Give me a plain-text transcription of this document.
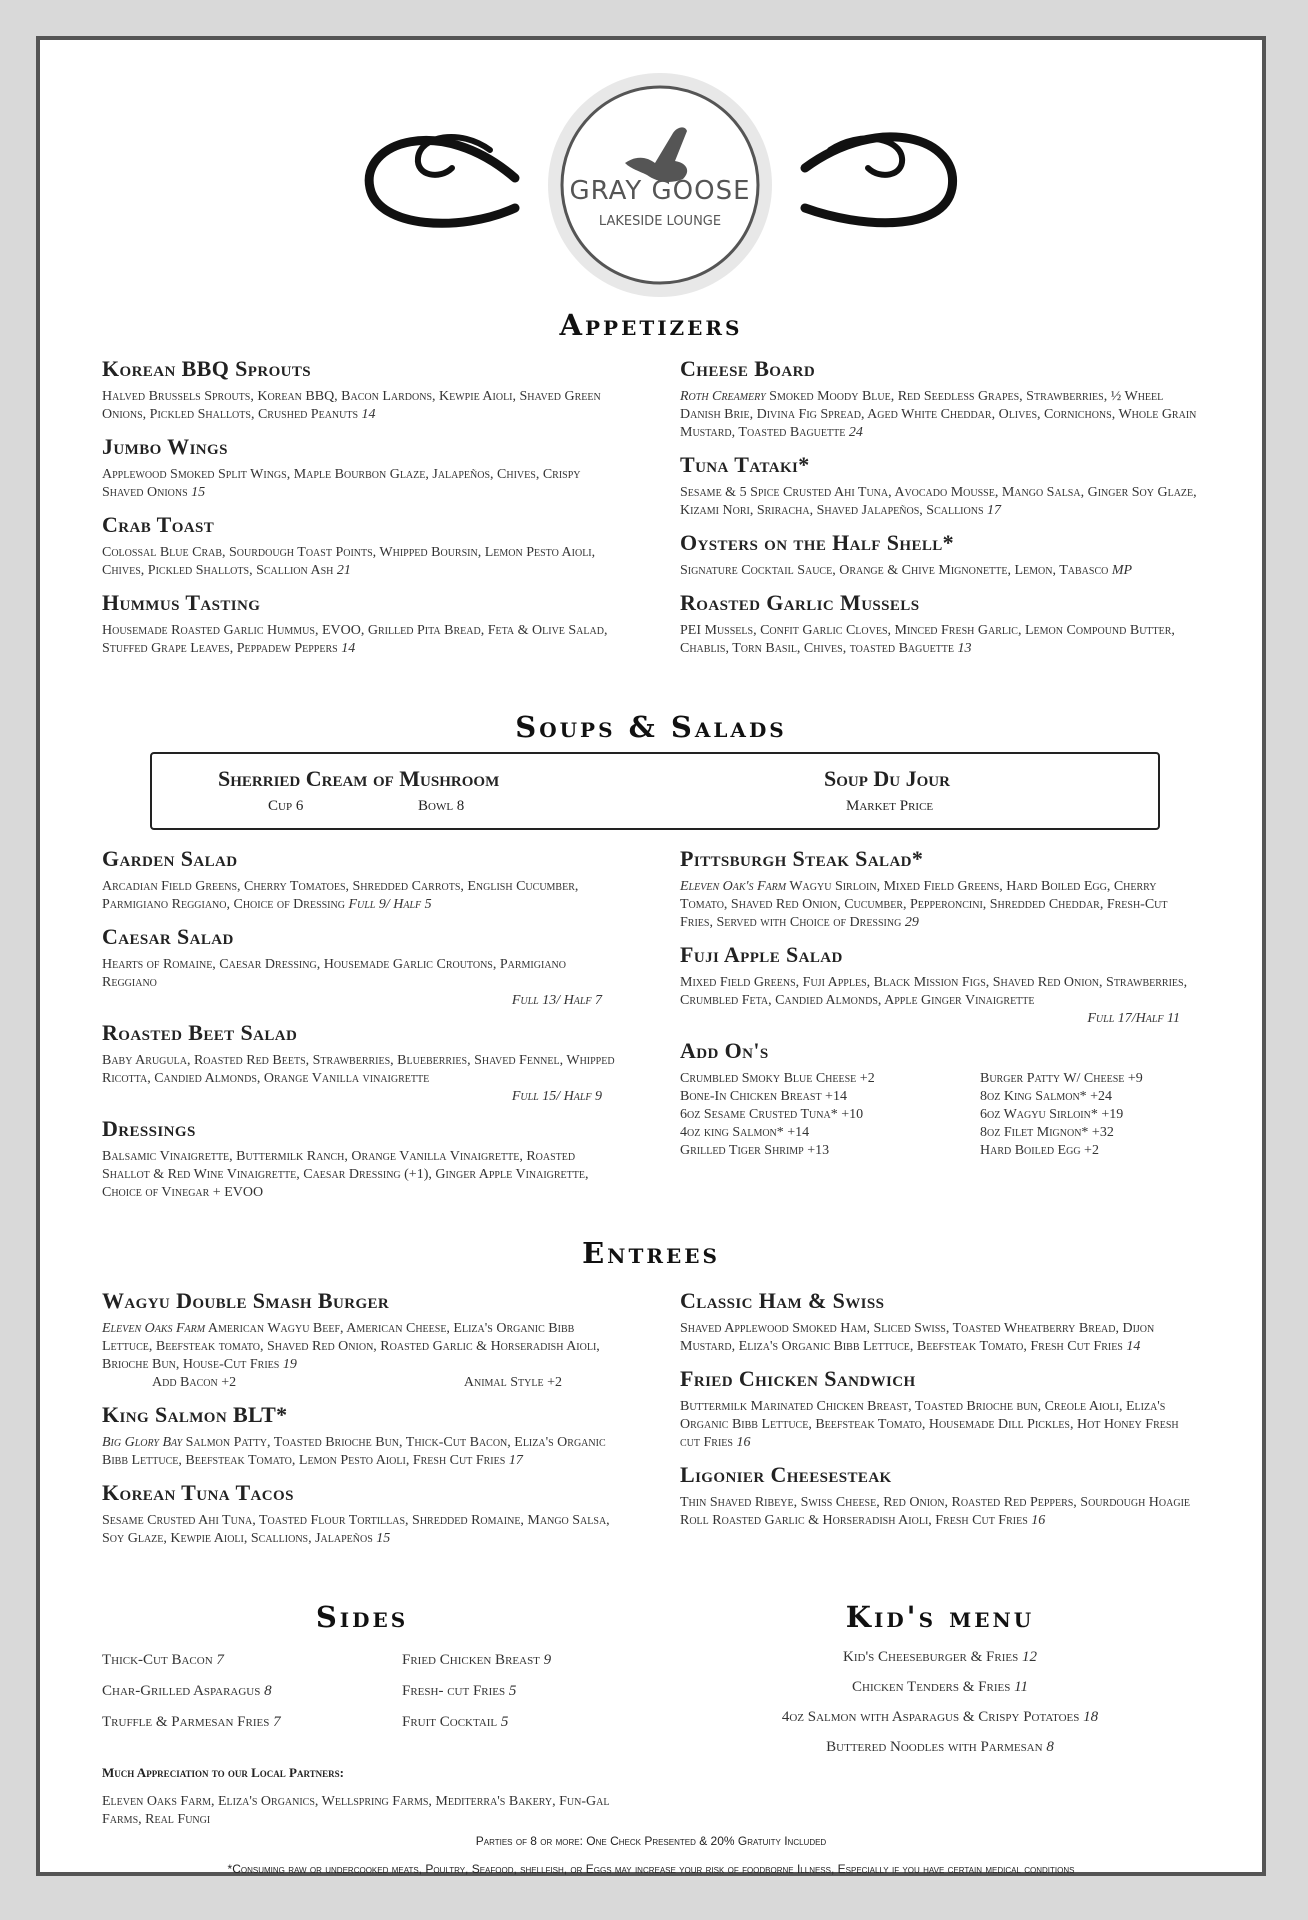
GRAY GOOSE
LAKESIDE LOUNGE
Appetizers
Korean BBQ Sprouts
Halved Brussels Sprouts, Korean BBQ, Bacon Lardons, Kewpie Aioli, Shaved Green Onions, Pickled Shallots, Crushed Peanuts 14
Jumbo Wings
Applewood Smoked Split Wings, Maple Bourbon Glaze, Jalapeños, Chives, Crispy Shaved Onions 15
Crab Toast
Colossal Blue Crab, Sourdough Toast Points, Whipped Boursin, Lemon Pesto Aioli, Chives, Pickled Shallots, Scallion Ash 21
Hummus Tasting
Housemade Roasted Garlic Hummus, EVOO, Grilled Pita Bread, Feta & Olive Salad, Stuffed Grape Leaves, Peppadew Peppers 14
Cheese Board
Roth Creamery Smoked Moody Blue, Red Seedless Grapes, Strawberries, ½ Wheel Danish Brie, Divina Fig Spread, Aged White Cheddar, Olives, Cornichons, Whole Grain Mustard, Toasted Baguette 24
Tuna Tataki*
Sesame & 5 Spice Crusted Ahi Tuna, Avocado Mousse, Mango Salsa, Ginger Soy Glaze, Kizami Nori, Sriracha, Shaved Jalapeños, Scallions 17
Oysters on the Half Shell*
Signature Cocktail Sauce, Orange & Chive Mignonette, Lemon, Tabasco MP
Roasted Garlic Mussels
PEI Mussels, Confit Garlic Cloves, Minced Fresh Garlic, Lemon Compound Butter, Chablis, Torn Basil, Chives, toasted Baguette 13
Soups & Salads
Sherried Cream of Mushroom
Cup 6	Bowl 8
Soup Du Jour
Market Price
Garden Salad
Arcadian Field Greens, Cherry Tomatoes, Shredded Carrots, English Cucumber, Parmigiano Reggiano, Choice of Dressing Full 9/ Half 5
Caesar Salad
Hearts of Romaine, Caesar Dressing, Housemade Garlic Croutons, Parmigiano Reggiano
Full 13/ Half 7
Roasted Beet Salad
Baby Arugula, Roasted Red Beets, Strawberries, Blueberries, Shaved Fennel, Whipped Ricotta, Candied Almonds, Orange Vanilla vinaigrette
Full 15/ Half 9
Dressings
Balsamic Vinaigrette, Buttermilk Ranch, Orange Vanilla Vinaigrette, Roasted Shallot & Red Wine Vinaigrette, Caesar Dressing (+1), Ginger Apple Vinaigrette, Choice of Vinegar + EVOO
Pittsburgh Steak Salad*
Eleven Oak's Farm Wagyu Sirloin, Mixed Field Greens, Hard Boiled Egg, Cherry Tomato, Shaved Red Onion, Cucumber, Pepperoncini, Shredded Cheddar, Fresh-Cut Fries, Served with Choice of Dressing 29
Fuji Apple Salad
Mixed Field Greens, Fuji Apples, Black Mission Figs, Shaved Red Onion, Strawberries, Crumbled Feta, Candied Almonds, Apple Ginger Vinaigrette
Full 17/Half 11
Add On's
Crumbled Smoky Blue Cheese +2
Bone-In Chicken Breast +14
6oz Sesame Crusted Tuna* +10
4oz king Salmon* +14
Grilled Tiger Shrimp +13
Burger Patty W/ Cheese +9
8oz King Salmon* +24
6oz Wagyu Sirloin* +19
8oz Filet Mignon* +32
Hard Boiled Egg +2
Entrees
Wagyu Double Smash Burger
Eleven Oaks Farm American Wagyu Beef, American Cheese, Eliza's Organic Bibb Lettuce, Beefsteak tomato, Shaved Red Onion, Roasted Garlic & Horseradish Aioli, Brioche Bun, House-Cut Fries 19
Add Bacon +2	Animal Style +2
King Salmon BLT*
Big Glory Bay Salmon Patty, Toasted Brioche Bun, Thick-Cut Bacon, Eliza's Organic Bibb Lettuce, Beefsteak Tomato, Lemon Pesto Aioli, Fresh Cut Fries 17
Korean Tuna Tacos
Sesame Crusted Ahi Tuna, Toasted Flour Tortillas, Shredded Romaine, Mango Salsa, Soy Glaze, Kewpie Aioli, Scallions, Jalapeños 15
Classic Ham & Swiss
Shaved Applewood Smoked Ham, Sliced Swiss, Toasted Wheatberry Bread, Dijon Mustard, Eliza's Organic Bibb Lettuce, Beefsteak Tomato, Fresh Cut Fries 14
Fried Chicken Sandwich
Buttermilk Marinated Chicken Breast, Toasted Brioche bun, Creole Aioli, Eliza's Organic Bibb Lettuce, Beefsteak Tomato, Housemade Dill Pickles, Hot Honey Fresh cut Fries 16
Ligonier Cheesesteak
Thin Shaved Ribeye, Swiss Cheese, Red Onion, Roasted Red Peppers, Sourdough Hoagie Roll Roasted Garlic & Horseradish Aioli, Fresh Cut Fries 16
Sides
Thick-Cut Bacon 7	Fried Chicken Breast 9
Char-Grilled Asparagus 8	Fresh- cut Fries 5
Truffle & Parmesan Fries 7	Fruit Cocktail 5
Much Appreciation to our Local Partners:
Eleven Oaks Farm, Eliza's Organics, Wellspring Farms, Mediterra's Bakery, Fun-Gal Farms, Real Fungi
Kid's menu
Kid's Cheeseburger & Fries 12
Chicken Tenders & Fries 11
4oz Salmon with Asparagus & Crispy Potatoes 18
Buttered Noodles with Parmesan 8
Parties of 8 or more: One Check Presented & 20% Gratuity Included
*Consuming raw or undercooked meats, Poultry, Seafood, shellfish, or Eggs may increase your risk of foodborne Illness, Especially if you have certain medical conditions
